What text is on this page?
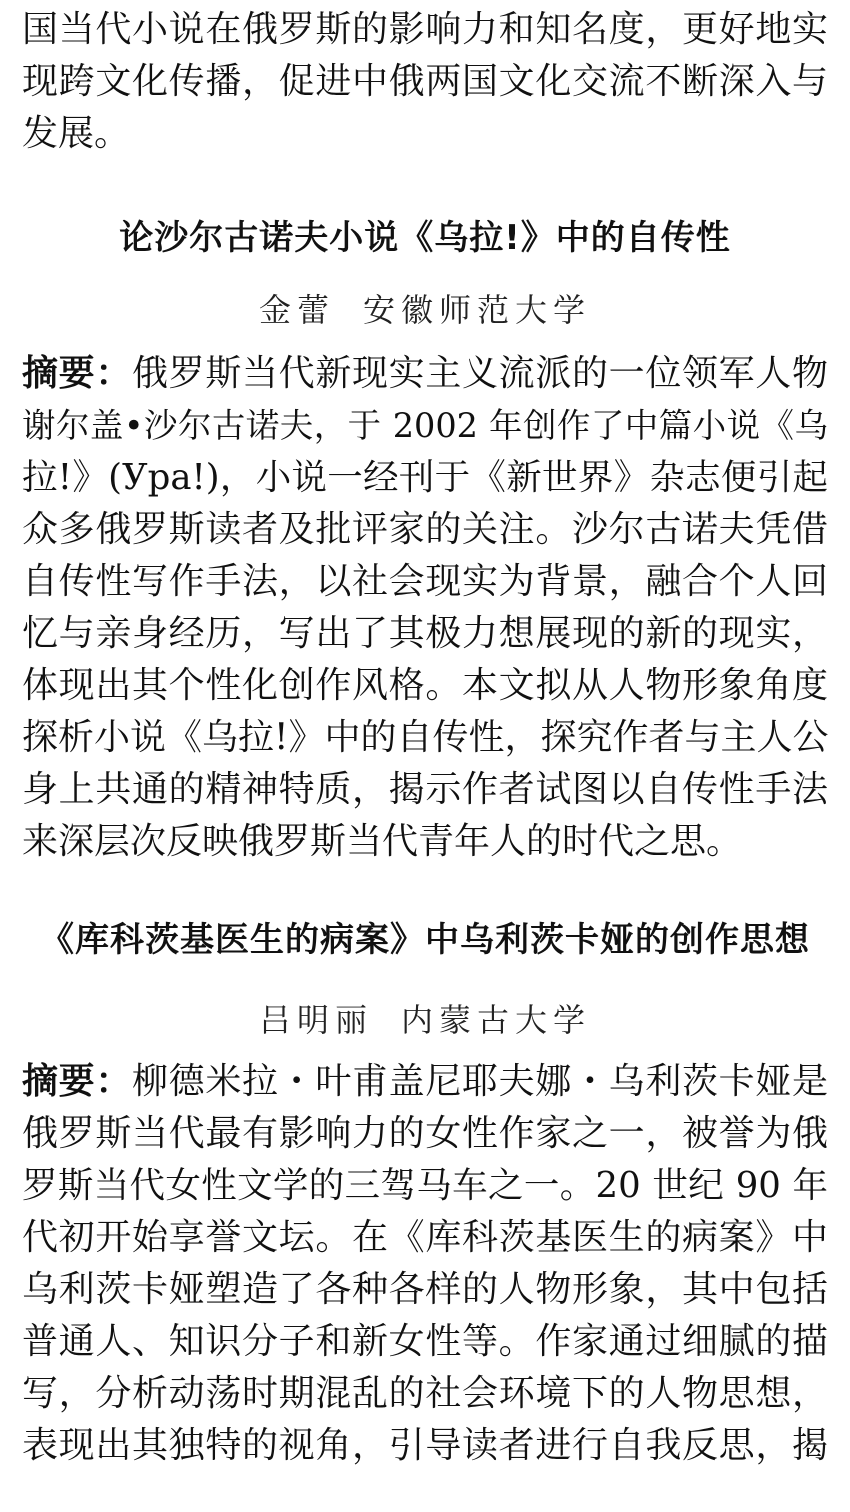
国当代小说在俄罗斯的影响力和知名度，更好地实
现跨文化传播，促进中俄两国文化交流不断深入与
发展。
论沙尔古诺夫小说《乌拉!》中的自传性
金蕾 安徽师范大学
摘要：俄罗斯当代新现实主义流派的一位领军人物
谢尔盖•沙尔古诺夫，于 2002 年创作了中篇小说《乌
拉!》(Ура!)，小说一经刊于《新世界》杂志便引起
众多俄罗斯读者及批评家的关注。沙尔古诺夫凭借
自传性写作手法，以社会现实为背景，融合个人回
忆与亲身经历，写出了其极力想展现的新的现实，
体现出其个性化创作风格。本文拟从人物形象角度
探析小说《乌拉!》中的自传性，探究作者与主人公
身上共通的精神特质，揭示作者试图以自传性手法
来深层次反映俄罗斯当代青年人的时代之思。
《库科茨基医生的病案》中乌利茨卡娅的创作思想
吕明丽 内蒙古大学
摘要：柳德米拉・叶甫盖尼耶夫娜・乌利茨卡娅是
俄罗斯当代最有影响力的女性作家之一，被誉为俄
罗斯当代女性文学的三驾马车之一。20 世纪 90 年
代初开始享誉文坛。在《库科茨基医生的病案》中
乌利茨卡娅塑造了各种各样的人物形象，其中包括
普通人、知识分子和新女性等。作家通过细腻的描
写，分析动荡时期混乱的社会环境下的人物思想，
表现出其独特的视角，引导读者进行自我反思，揭
